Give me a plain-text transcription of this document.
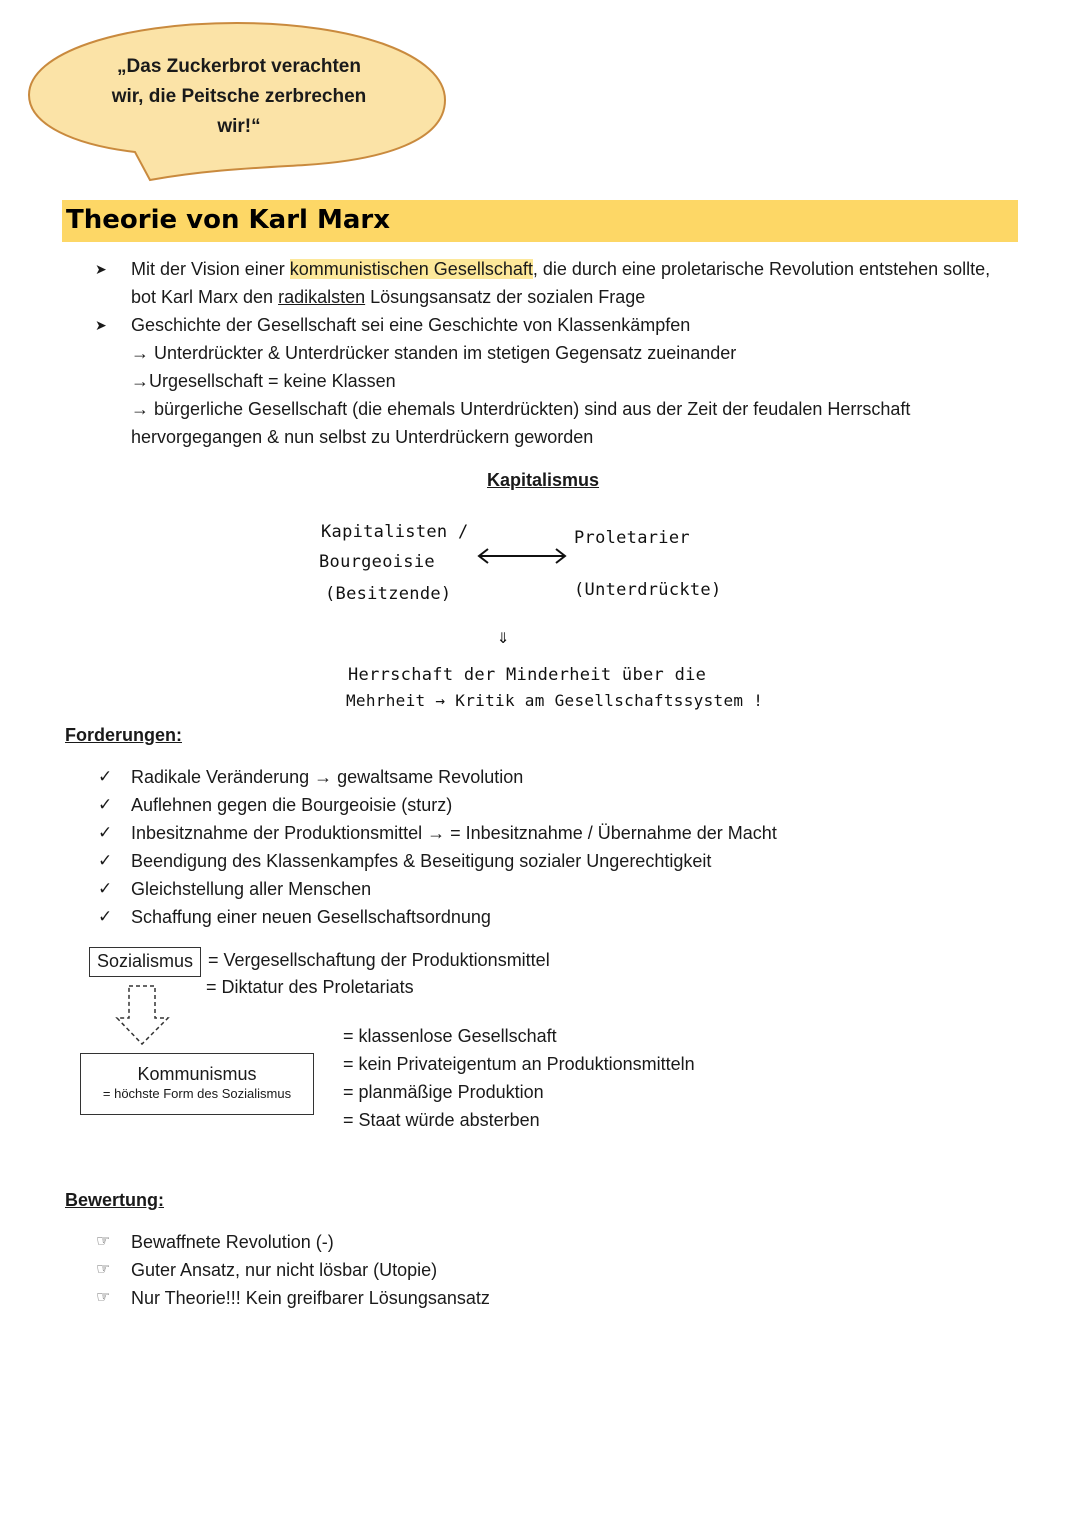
„Das Zuckerbrot verachten
wir, die Peitsche zerbrechen
wir!“
Theorie von Karl Marx
➤ Mit der Vision einer kommunistischen Gesellschaft, die durch eine proletarische Revolution entstehen sollte,
bot Karl Marx den radikalsten Lösungsansatz der sozialen Frage
➤ Geschichte der Gesellschaft sei eine Geschichte von Klassenkämpfen
→ Unterdrückter & Unterdrücker standen im stetigen Gegensatz zueinander
→Urgesellschaft = keine Klassen
→ bürgerliche Gesellschaft (die ehemals Unterdrückten) sind aus der Zeit der feudalen Herrschaft
hervorgegangen & nun selbst zu Unterdrückern geworden
Kapitalismus
Kapitalisten /
Bourgeoisie
(Besitzende)
Proletarier
(Unterdrückte)
⇓
Herrschaft der Minderheit über die
Mehrheit → Kritik am Gesellschaftssystem !
Forderungen:
✓ Radikale Veränderung → gewaltsame Revolution
✓ Auflehnen gegen die Bourgeoisie (sturz)
✓ Inbesitznahme der Produktionsmittel → = Inbesitznahme / Übernahme der Macht
✓ Beendigung des Klassenkampfes & Beseitigung sozialer Ungerechtigkeit
✓ Gleichstellung aller Menschen
✓ Schaffung einer neuen Gesellschaftsordnung
Sozialismus = Vergesellschaftung der Produktionsmittel
= Diktatur des Proletariats
Kommunismus
= höchste Form des Sozialismus
= klassenlose Gesellschaft
= kein Privateigentum an Produktionsmitteln
= planmäßige Produktion
= Staat würde absterben
Bewertung:
☞ Bewaffnete Revolution (-)
☞ Guter Ansatz, nur nicht lösbar (Utopie)
☞ Nur Theorie!!! Kein greifbarer Lösungsansatz
